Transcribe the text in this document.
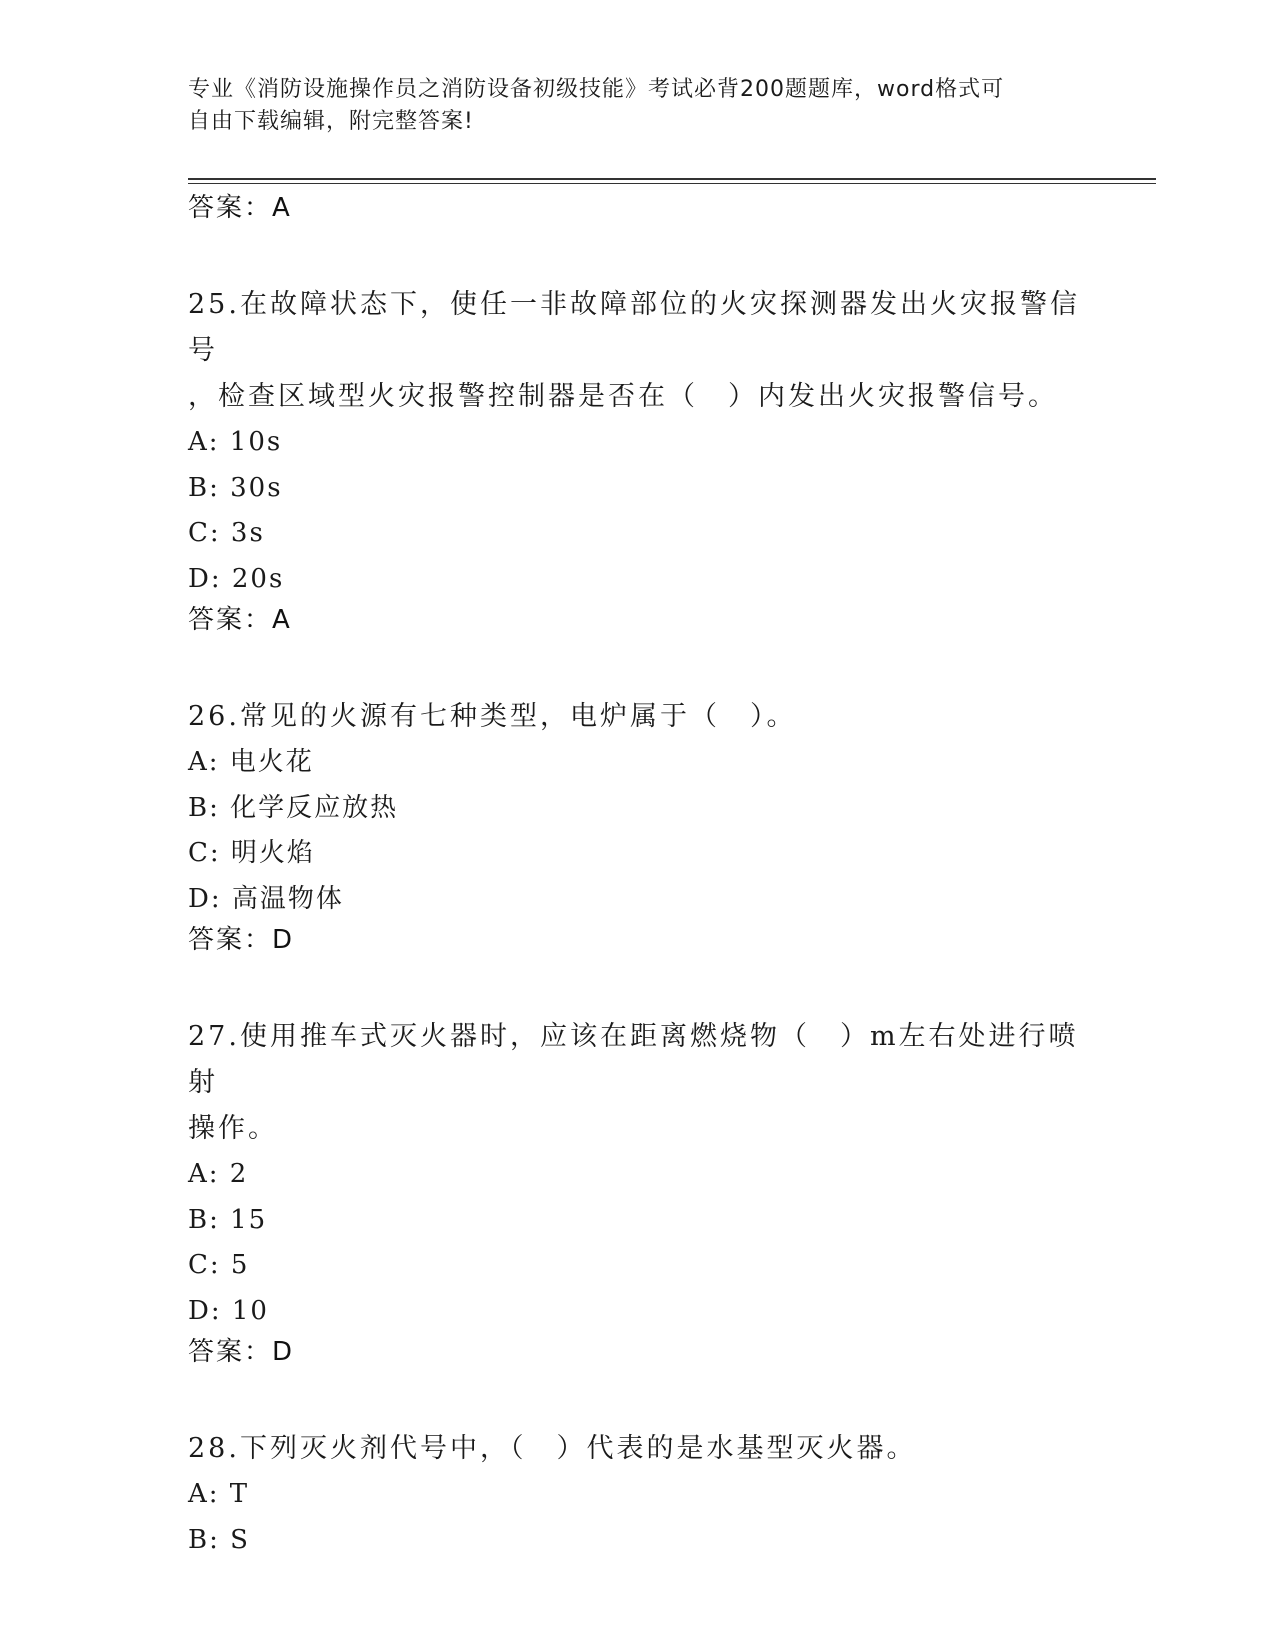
专业《消防设施操作员之消防设备初级技能》考试必背200题题库，word格式可
自由下载编辑，附完整答案!
答案：A
25.在故障状态下，使任一非故障部位的火灾探测器发出火灾报警信号
，检查区域型火灾报警控制器是否在（　）内发出火灾报警信号。
A: 10s
B: 30s
C: 3s
D: 20s
答案：A
26.常见的火源有七种类型，电炉属于（　）。
A: 电火花
B: 化学反应放热
C: 明火焰
D: 高温物体
答案：D
27.使用推车式灭火器时，应该在距离燃烧物（　）m左右处进行喷射
操作。
A: 2
B: 15
C: 5
D: 10
答案：D
28.下列灭火剂代号中，（　）代表的是水基型灭火器。
A: T
B: S
